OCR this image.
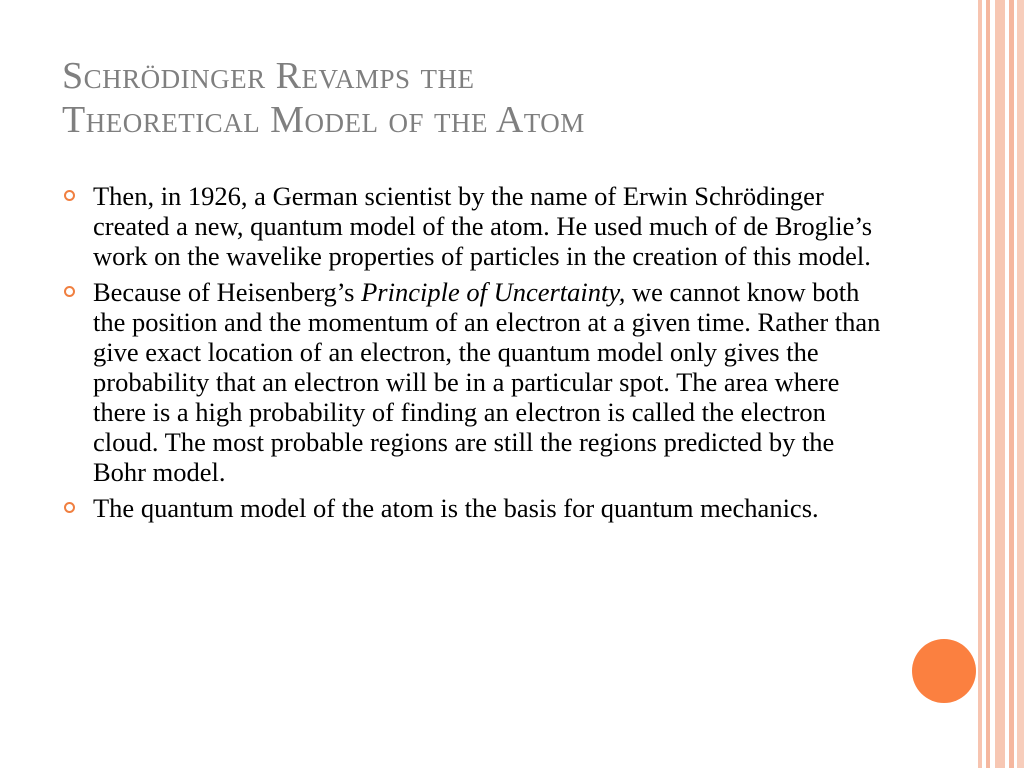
Schrödinger Revamps the
Theoretical Model of the Atom
Then, in 1926, a German scientist by the name of Erwin Schrödinger created a new, quantum model of the atom. He used much of de Broglie’s work on the wavelike properties of particles in the creation of this model.
Because of Heisenberg’s Principle of Uncertainty, we cannot know both the position and the momentum of an electron at a given time. Rather than give exact location of an electron, the quantum model only gives the probability that an electron will be in a particular spot. The area where there is a high probability of finding an electron is called the electron cloud. The most probable regions are still the regions predicted by the Bohr model.
The quantum model of the atom is the basis for quantum mechanics.
